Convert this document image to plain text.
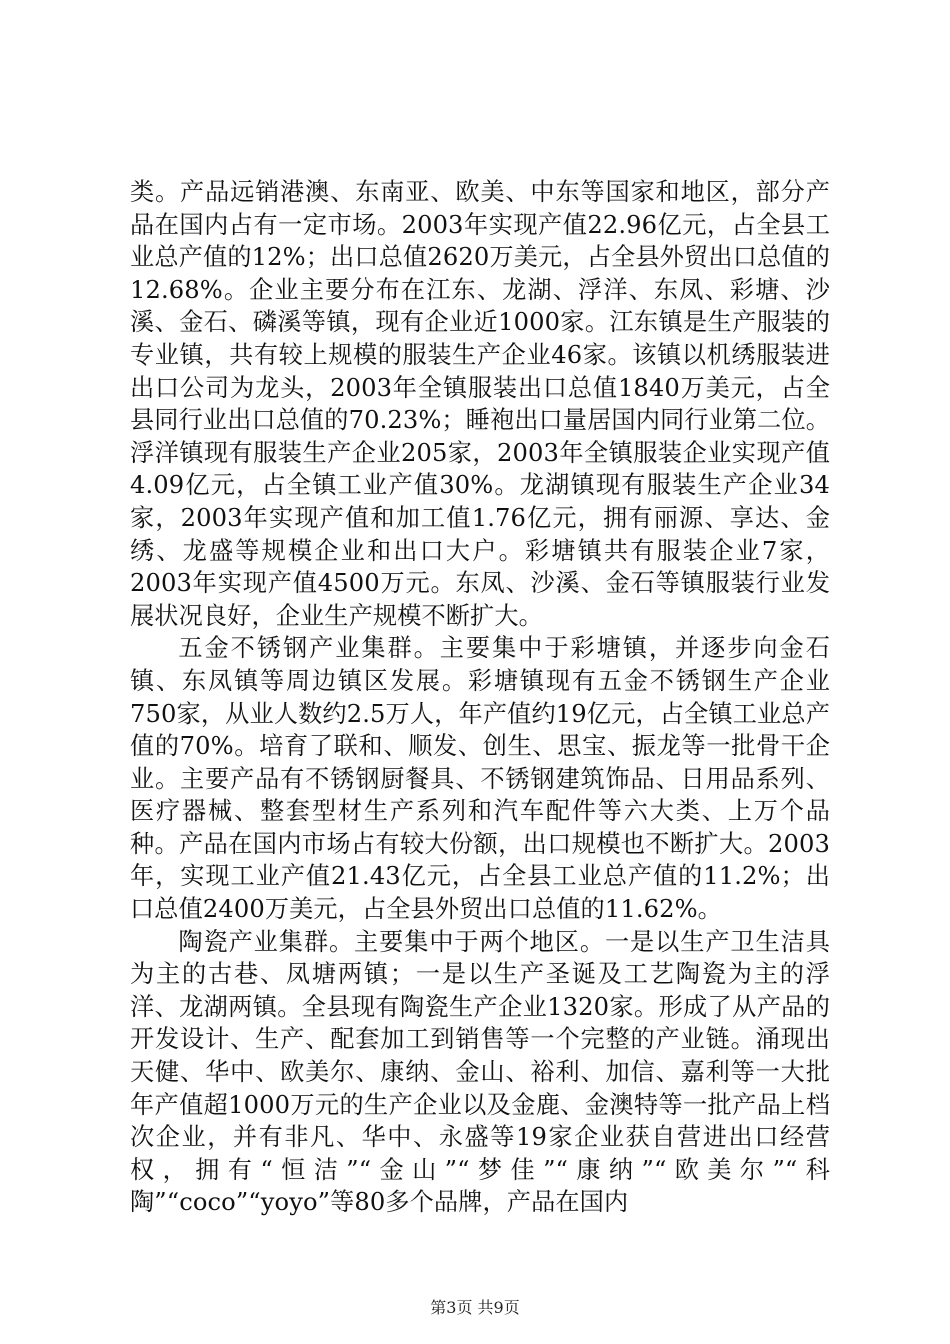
类。产品远销港澳、东南亚、欧美、中东等国家和地区，部分产品在国内占有一定市场。2003年实现产值22.96亿元，占全县工业总产值的12%；出口总值2620万美元，占全县外贸出口总值的12.68%。企业主要分布在江东、龙湖、浮洋、东凤、彩塘、沙溪、金石、磷溪等镇，现有企业近1000家。江东镇是生产服装的专业镇，共有较上规模的服装生产企业46家。该镇以机绣服装进出口公司为龙头，2003年全镇服装出口总值1840万美元，占全县同行业出口总值的70.23%；睡袍出口量居国内同行业第二位。浮洋镇现有服装生产企业205家，2003年全镇服装企业实现产值4.09亿元，占全镇工业产值30%。龙湖镇现有服装生产企业34家，2003年实现产值和加工值1.76亿元，拥有丽源、享达、金绣、龙盛等规模企业和出口大户。彩塘镇共有服装企业7家，2003年实现产值4500万元。东凤、沙溪、金石等镇服装行业发展状况良好，企业生产规模不断扩大。

五金不锈钢产业集群。主要集中于彩塘镇，并逐步向金石镇、东凤镇等周边镇区发展。彩塘镇现有五金不锈钢生产企业750家，从业人数约2.5万人，年产值约19亿元，占全镇工业总产值的70%。培育了联和、顺发、创生、思宝、振龙等一批骨干企业。主要产品有不锈钢厨餐具、不锈钢建筑饰品、日用品系列、医疗器械、整套型材生产系列和汽车配件等六大类、上万个品种。产品在国内市场占有较大份额，出口规模也不断扩大。2003年，实现工业产值21.43亿元，占全县工业总产值的11.2%；出口总值2400万美元，占全县外贸出口总值的11.62%。

陶瓷产业集群。主要集中于两个地区。一是以生产卫生洁具为主的古巷、凤塘两镇；一是以生产圣诞及工艺陶瓷为主的浮洋、龙湖两镇。全县现有陶瓷生产企业1320家。形成了从产品的开发设计、生产、配套加工到销售等一个完整的产业链。涌现出天健、华中、欧美尔、康纳、金山、裕利、加信、嘉利等一大批年产值超1000万元的生产企业以及金鹿、金澳特等一批产品上档次企业，并有非凡、华中、永盛等19家企业获自营进出口经营权，拥有“恒洁”“金山”“梦佳”“康纳”“欧美尔”“科陶”“coco”“yoyo”等80多个品牌，产品在国内

第3页 共9页
